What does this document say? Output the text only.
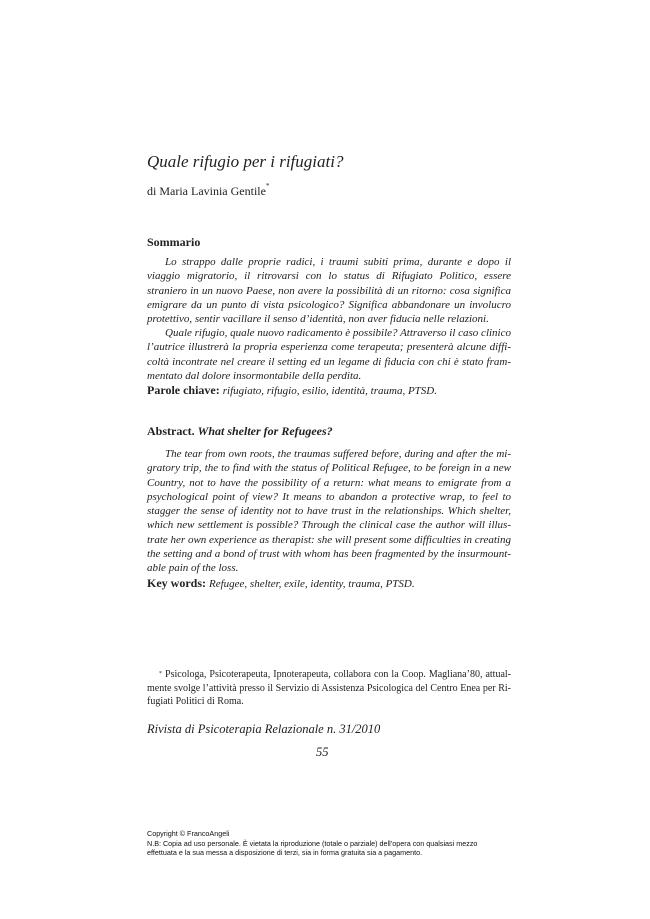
Quale rifugio per i rifugiati?
di Maria Lavinia Gentile*
Sommario

Lo strappo dalle proprie radici, i traumi subiti prima, durante e dopo il viaggio migratorio, il ritrovarsi con lo status di Rifugiato Politico, essere straniero in un nuovo Paese, non avere la possibilità di un ritorno: cosa significa emigrare da un punto di vista psicologico? Significa abbandonare un involucro protettivo, sentir vacillare il senso d’identità, non aver fiducia nelle relazioni.

Quale rifugio, quale nuovo radicamento è possibile? Attraverso il caso clinico l’autrice illustrerà la propria esperienza come terapeuta; presenterà alcune diffi-coltà incontrate nel creare il setting ed un legame di fiducia con chi è stato fram-mentato dal dolore insormontabile della perdita.

Parole chiave: rifugiato, rifugio, esilio, identità, trauma, PTSD.
Abstract. What shelter for Refugees?

The tear from own roots, the traumas suffered before, during and after the mi-gratory trip, the to find with the status of Political Refugee, to be foreign in a new Country, not to have the possibility of a return: what means to emigrate from a psychological point of view? It means to abandon a protective wrap, to feel to stagger the sense of identity not to have trust in the relationships. Which shelter, which new settlement is possible? Through the clinical case the author will illus-trate her own experience as therapist: she will present some difficulties in creating the setting and a bond of trust with whom has been fragmented by the insurmount-able pain of the loss.

Key words: Refugee, shelter, exile, identity, trauma, PTSD.

* Psicologa, Psicoterapeuta, Ipnoterapeuta, collabora con la Coop. Magliana’80, attual-mente svolge l’attività presso il Servizio di Assistenza Psicologica del Centro Enea per Ri-fugiati Politici di Roma.

Rivista di Psicoterapia Relazionale n. 31/2010
55
Copyright © FrancoAngeli
N.B: Copia ad uso personale. È vietata la riproduzione (totale o parziale) dell’opera con qualsiasi mezzo
effettuata e la sua messa a disposizione di terzi, sia in forma gratuita sia a pagamento.
